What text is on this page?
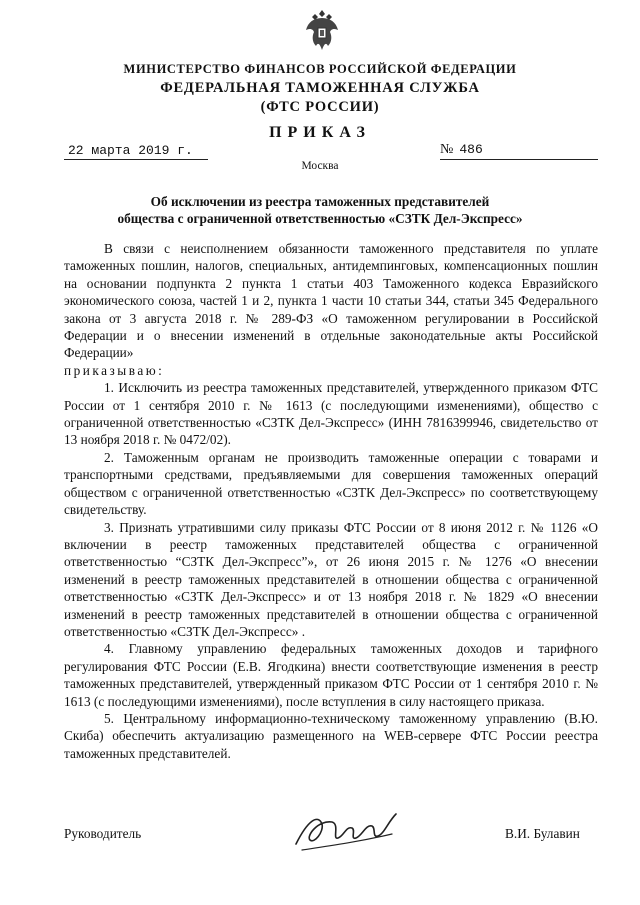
МИНИСТЕРСТВО ФИНАНСОВ РОССИЙСКОЙ ФЕДЕРАЦИИ
ФЕДЕРАЛЬНАЯ ТАМОЖЕННАЯ СЛУЖБА
(ФТС РОССИИ)
ПРИКАЗ
22 марта 2019 г.	№ 486
Москва
Об исключении из реестра таможенных представителей
общества с ограниченной ответственностью «СЗТК Дел-Экспресс»

В связи с неисполнением обязанности таможенного представителя по уплате таможенных пошлин, налогов, специальных, антидемпинговых, компенсационных пошлин на основании подпункта 2 пункта 1 статьи 403 Таможенного кодекса Евразийского экономического союза, частей 1 и 2, пункта 1 части 10 статьи 344, статьи 345 Федерального закона от 3 августа 2018 г. № 289-ФЗ «О таможенном регулировании в Российской Федерации и о внесении изменений в отдельные законодательные акты Российской Федерации»

приказываю:

1. Исключить из реестра таможенных представителей, утвержденного приказом ФТС России от 1 сентября 2010 г. № 1613 (с последующими изменениями), общество с ограниченной ответственностью «СЗТК Дел-Экспресс» (ИНН 7816399946, свидетельство от 13 ноября 2018 г. № 0472/02).

2. Таможенным органам не производить таможенные операции с товарами и транспортными средствами, предъявляемыми для совершения таможенных операций обществом с ограниченной ответственностью «СЗТК Дел-Экспресс» по соответствующему свидетельству.

3. Признать утратившими силу приказы ФТС России от 8 июня 2012 г. № 1126 «О включении в реестр таможенных представителей общества с ограниченной ответственностью “СЗТК Дел-Экспресс”», от 26 июня 2015 г. № 1276 «О внесении изменений в реестр таможенных представителей в отношении общества с ограниченной ответственностью «СЗТК Дел-Экспресс» и от 13 ноября 2018 г. № 1829 «О внесении изменений в реестр таможенных представителей в отношении общества с ограниченной ответственностью «СЗТК Дел-Экспресс» .

4. Главному управлению федеральных таможенных доходов и тарифного регулирования ФТС России (Е.В. Ягодкина) внести соответствующие изменения в реестр таможенных представителей, утвержденный приказом ФТС России от 1 сентября 2010 г. № 1613 (с последующими изменениями), после вступления в силу настоящего приказа.

5. Центральному информационно-техническому таможенному управлению (В.Ю. Скиба) обеспечить актуализацию размещенного на WEB-сервере ФТС России реестра таможенных представителей.

Руководитель	В.И. Булавин
